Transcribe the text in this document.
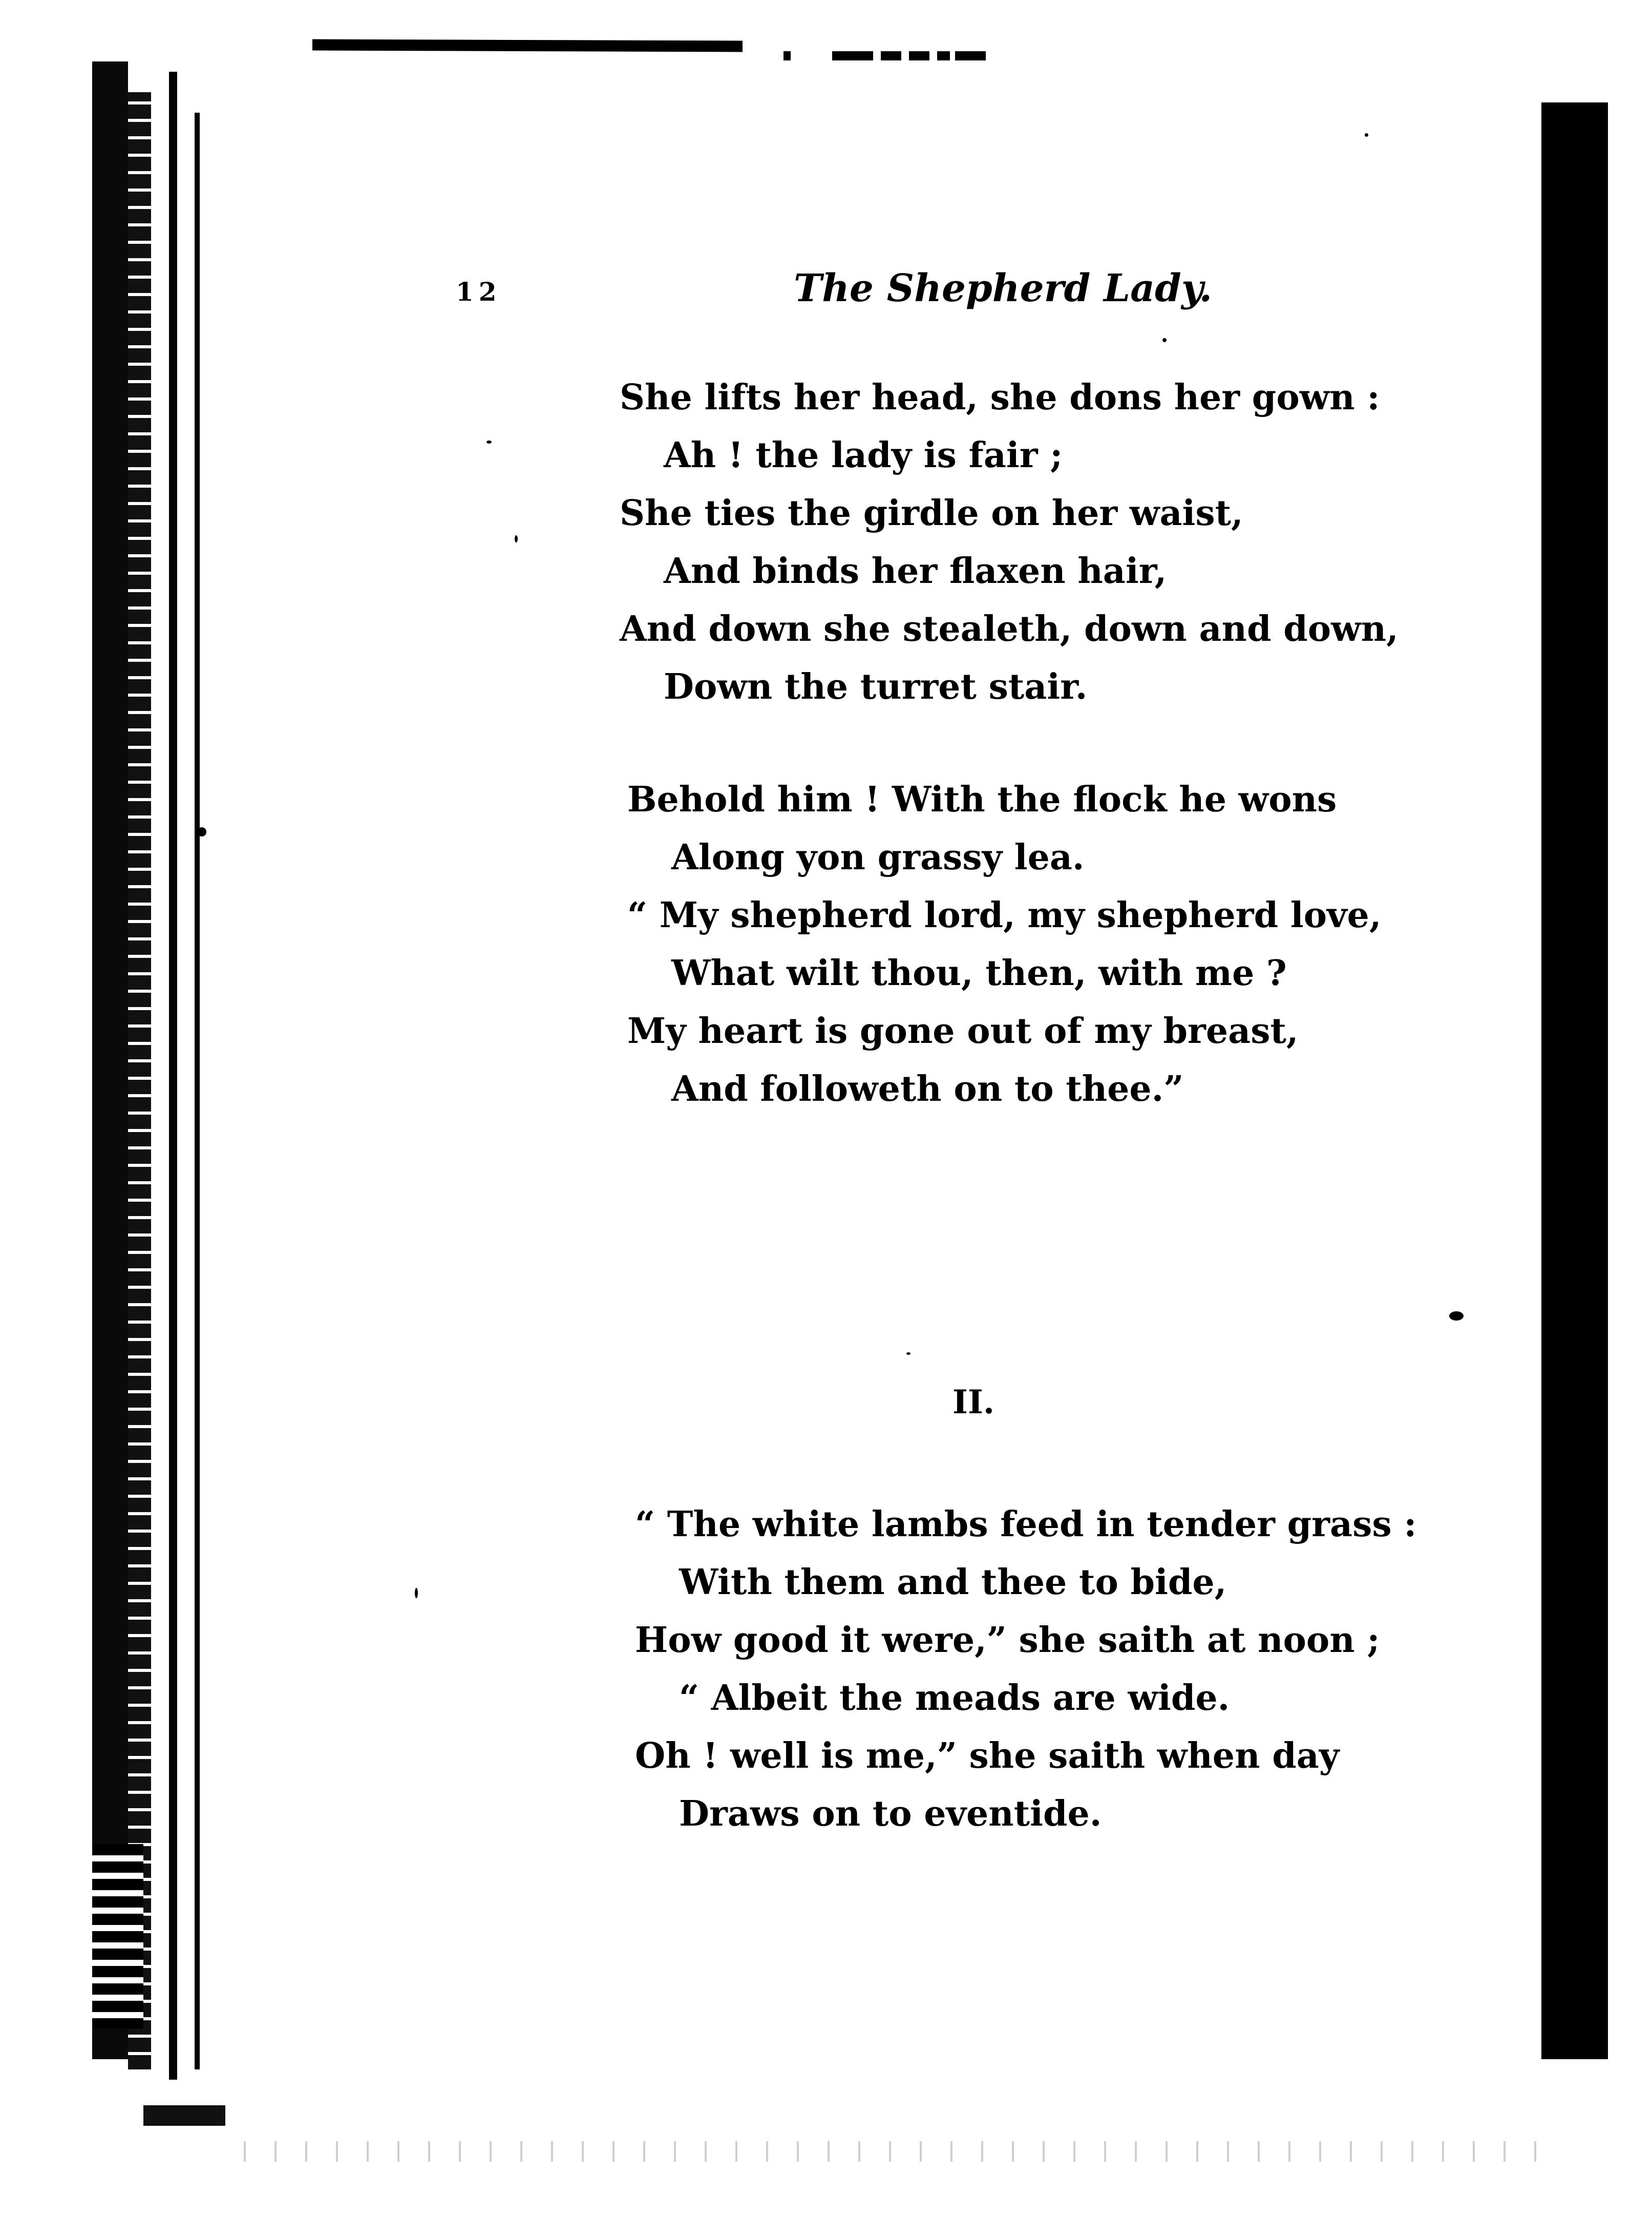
12	The Shepherd Lady.
She lifts her head, she dons her gown :
Ah ! the lady is fair ;
She ties the girdle on her waist,
And binds her flaxen hair,
And down she stealeth, down and down,
Down the turret stair.
Behold him ! With the flock he wons
Along yon grassy lea.
“ My shepherd lord, my shepherd love,
What wilt thou, then, with me ?
My heart is gone out of my breast,
And followeth on to thee.”
II.
“ The white lambs feed in tender grass :
With them and thee to bide,
How good it were,” she saith at noon ;
“ Albeit the meads are wide.
Oh ! well is me,” she saith when day
Draws on to eventide.
